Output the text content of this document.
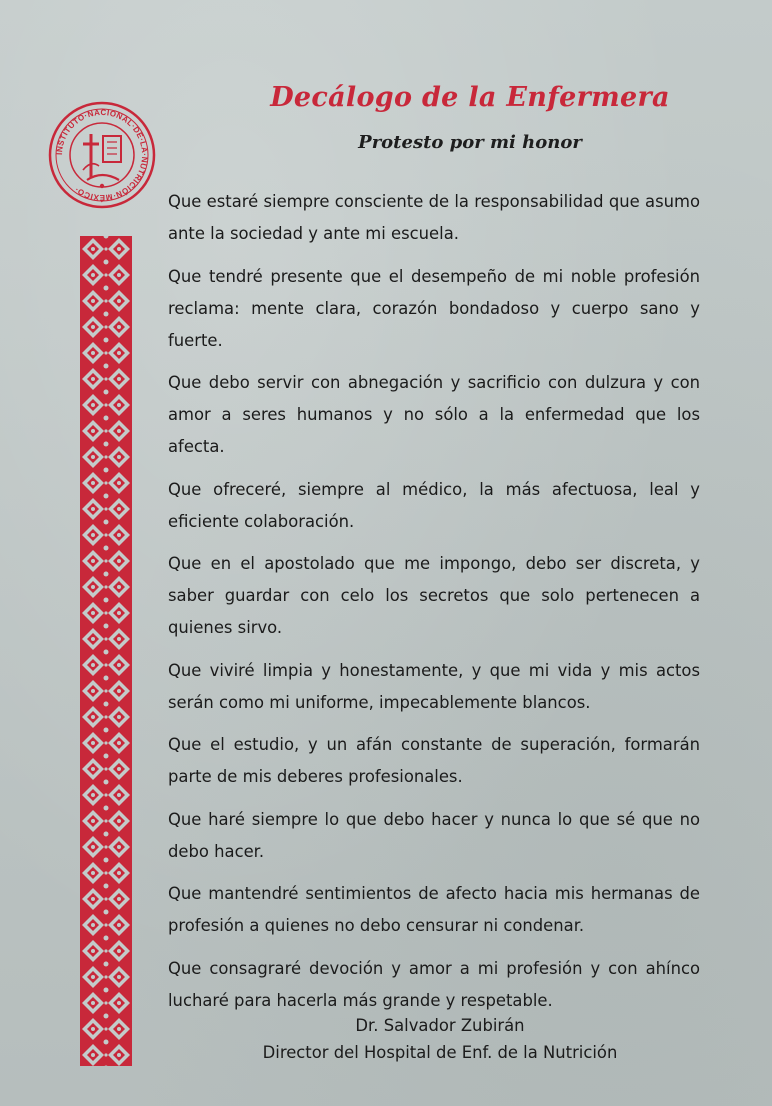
INSTITUTO·NACIONAL·DE·LA·NUTRICIÓN·MÉXICO·
Decálogo de la Enfermera
Protesto por mi honor

Que estaré siempre consciente de la responsabilidad que asumo ante la sociedad y ante mi escuela.

Que tendré presente que el desempeño de mi noble profesión reclama: mente clara, corazón bondadoso y cuerpo sano y fuerte.

Que debo servir con abnegación y sacrificio con dulzura y con amor a seres humanos y no sólo a la enfermedad que los afecta.

Que ofreceré, siempre al médico, la más afectuosa, leal y eficiente colaboración.

Que en el apostolado que me impongo, debo ser discreta, y saber guardar con celo los secretos que solo pertenecen a quienes sirvo.

Que viviré limpia y honestamente, y que mi vida y mis actos serán como mi uniforme, impecablemente blancos.

Que el estudio, y un afán constante de superación, formarán parte de mis deberes profesionales.

Que haré siempre lo que debo hacer y nunca lo que sé que no debo hacer.

Que mantendré sentimientos de afecto hacia mis hermanas de profesión a quienes no debo censurar ni condenar.

Que consagraré devoción y amor a mi profesión y con ahínco lucharé para hacerla más grande y respetable.

Dr. Salvador Zubirán

Director del Hospital de Enf. de la Nutrición
